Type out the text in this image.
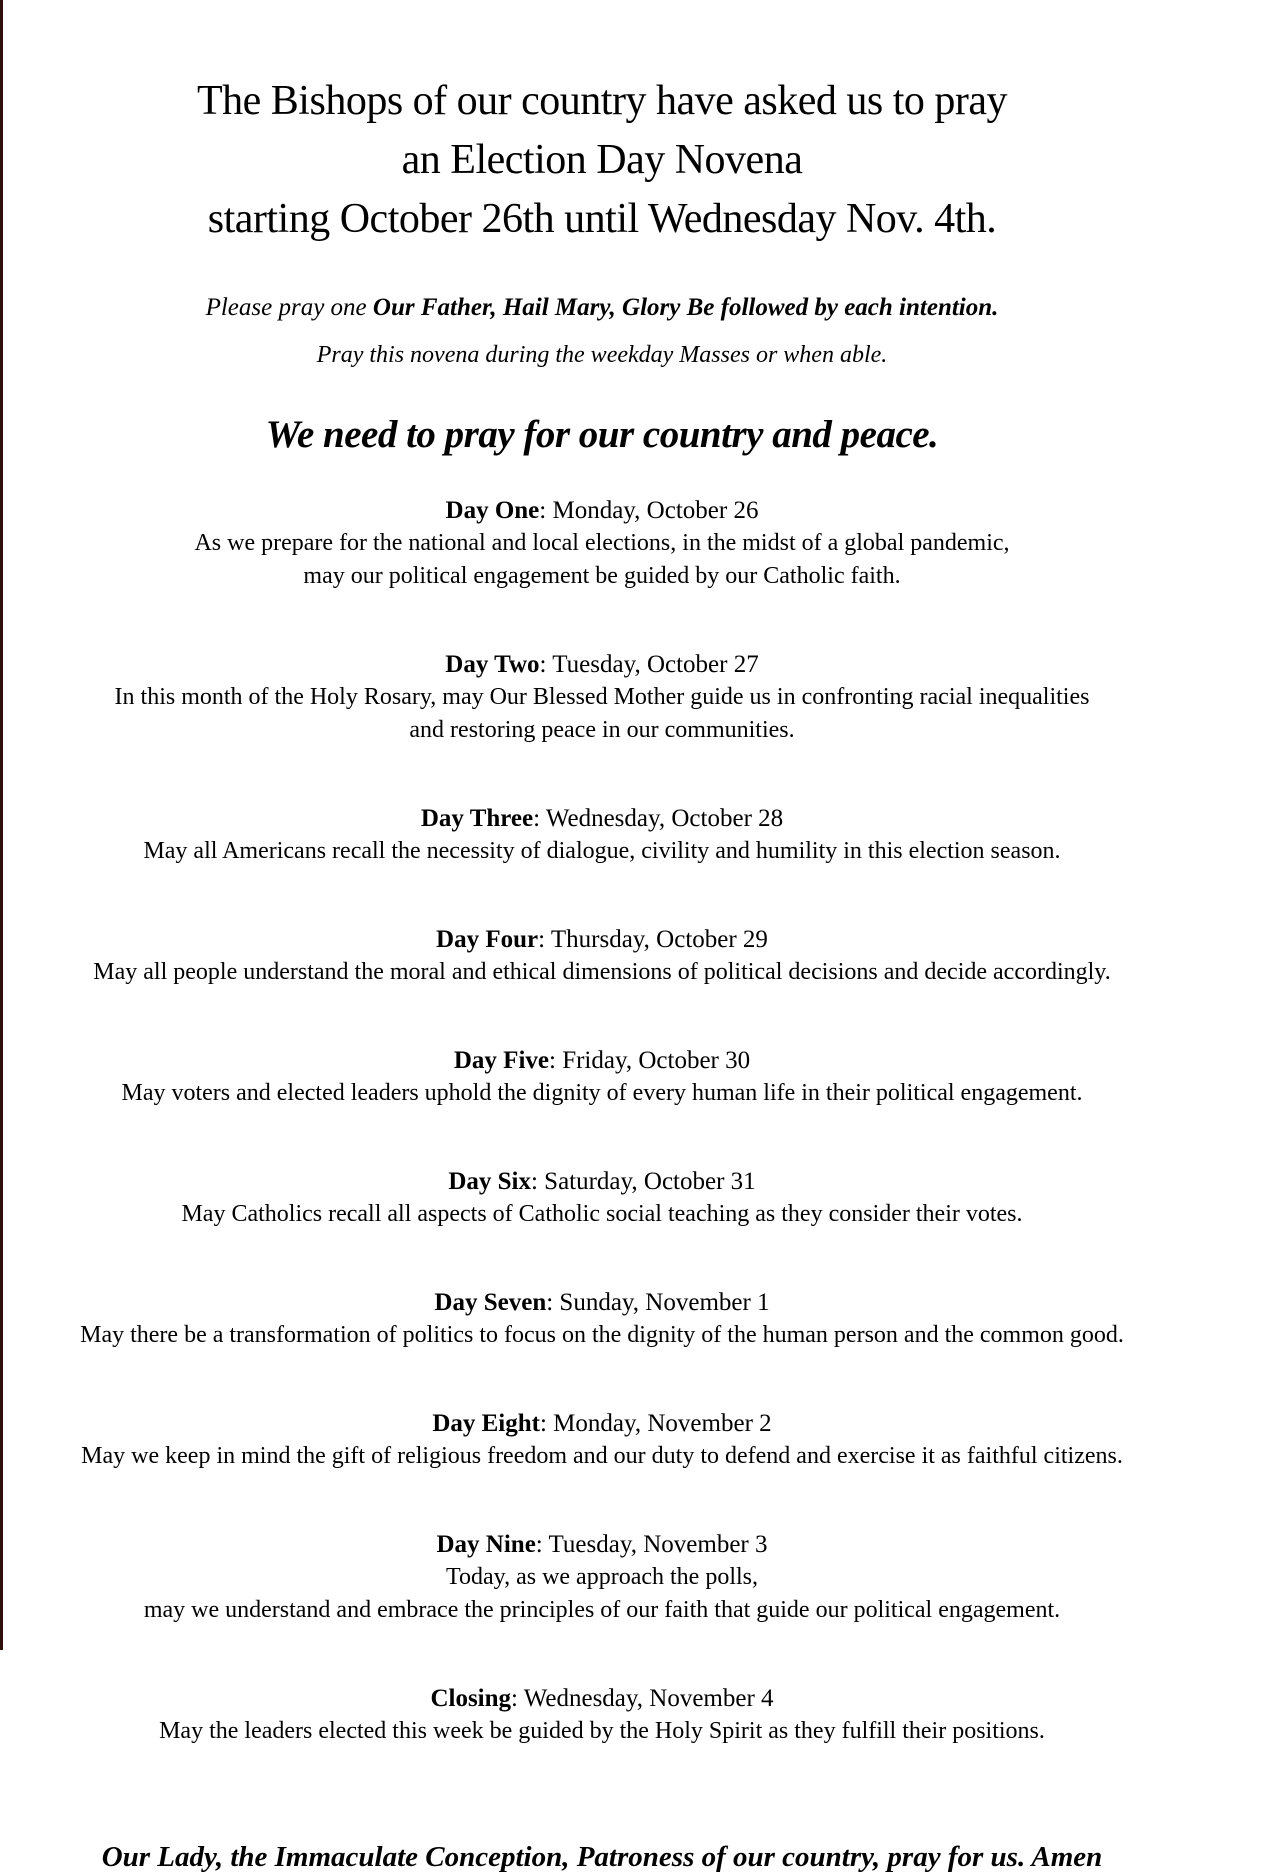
The Bishops of our country have asked us to pray
an Election Day Novena
starting October 26th until Wednesday Nov. 4th.

Please pray one Our Father, Hail Mary, Glory Be followed by each intention.

Pray this novena during the weekday Masses or when able.

We need to pray for our country and peace.
Day One: Monday, October 26
As we prepare for the national and local elections, in the midst of a global pandemic,
may our political engagement be guided by our Catholic faith.
Day Two: Tuesday, October 27
In this month of the Holy Rosary, may Our Blessed Mother guide us in confronting racial inequalities
and restoring peace in our communities.
Day Three: Wednesday, October 28
May all Americans recall the necessity of dialogue, civility and humility in this election season.
Day Four: Thursday, October 29
May all people understand the moral and ethical dimensions of political decisions and decide accordingly.
Day Five: Friday, October 30
May voters and elected leaders uphold the dignity of every human life in their political engagement.
Day Six: Saturday, October 31
May Catholics recall all aspects of Catholic social teaching as they consider their votes.
Day Seven: Sunday, November 1
May there be a transformation of politics to focus on the dignity of the human person and the common good.
Day Eight: Monday, November 2
May we keep in mind the gift of religious freedom and our duty to defend and exercise it as faithful citizens.
Day Nine: Tuesday, November 3
Today, as we approach the polls,
may we understand and embrace the principles of our faith that guide our political engagement.
Closing: Wednesday, November 4
May the leaders elected this week be guided by the Holy Spirit as they fulfill their positions.

Our Lady, the Immaculate Conception, Patroness of our country, pray for us. Amen
